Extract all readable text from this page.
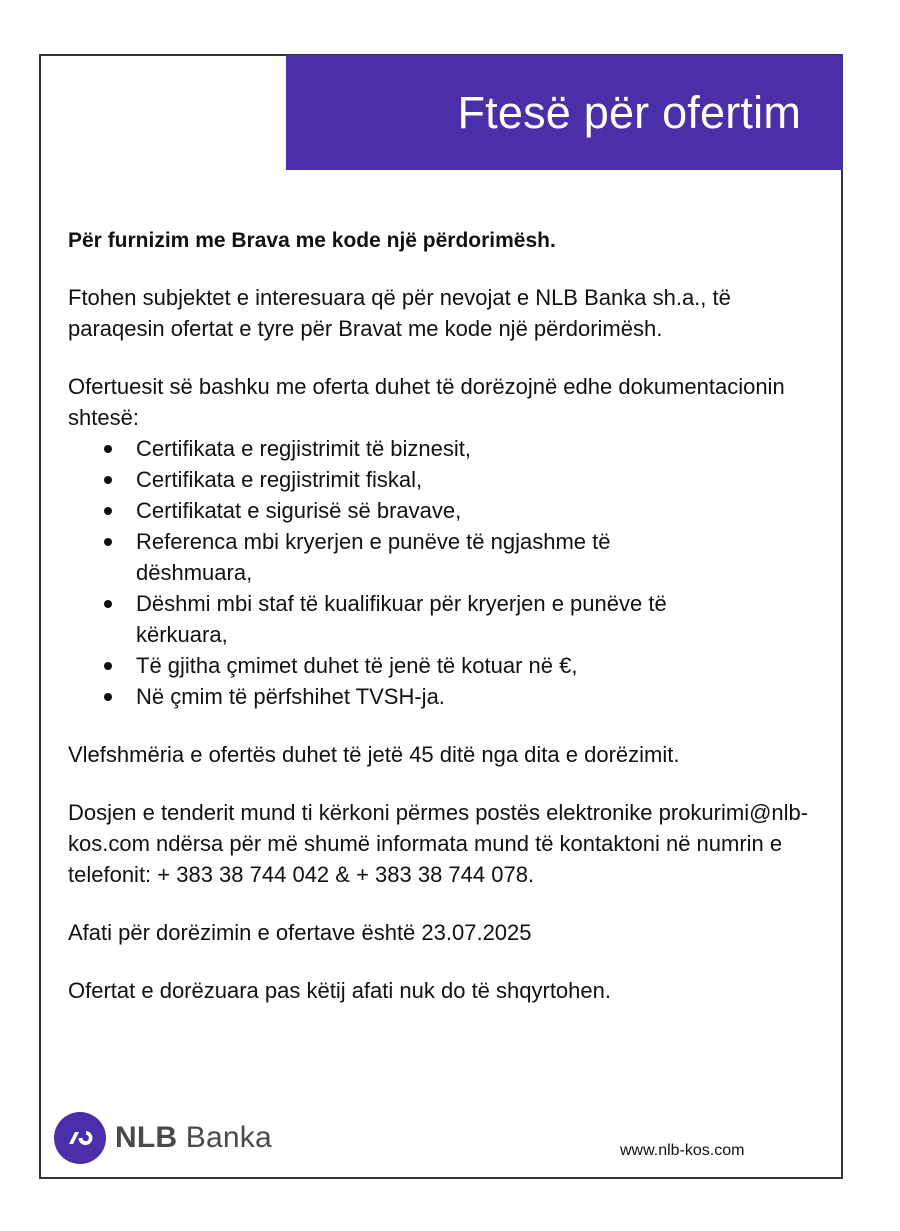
Ftesë për ofertim

Për furnizim me Brava me kode një përdorimësh.

Ftohen subjektet e interesuara që për nevojat e NLB Banka sh.a., të paraqesin ofertat e tyre për Bravat me kode një përdorimësh.

Ofertuesit së bashku me oferta duhet të dorëzojnë edhe dokumentacionin shtesë:

Certifikata e regjistrimit të biznesit,
Certifikata e regjistrimit fiskal,
Certifikatat e sigurisë së bravave,
Referenca mbi kryerjen e punëve të ngjashme të dëshmuara,
Dëshmi mbi staf të kualifikuar për kryerjen e punëve të kërkuara,
Të gjitha çmimet duhet të jenë të kotuar në €,
Në çmim të përfshihet TVSH-ja.

Vlefshmëria e ofertës duhet të jetë 45 ditë nga dita e dorëzimit.

Dosjen e tenderit mund ti kërkoni përmes postës elektronike prokurimi@nlb-kos.com ndërsa për më shumë informata mund të kontaktoni në numrin e telefonit: + 383 38 744 042 & + 383 38 744 078.

Afati për dorëzimin e ofertave është 23.07.2025

Ofertat e dorëzuara pas këtij afati nuk do të shqyrtohen.

NLB Banka	www.nlb-kos.com
